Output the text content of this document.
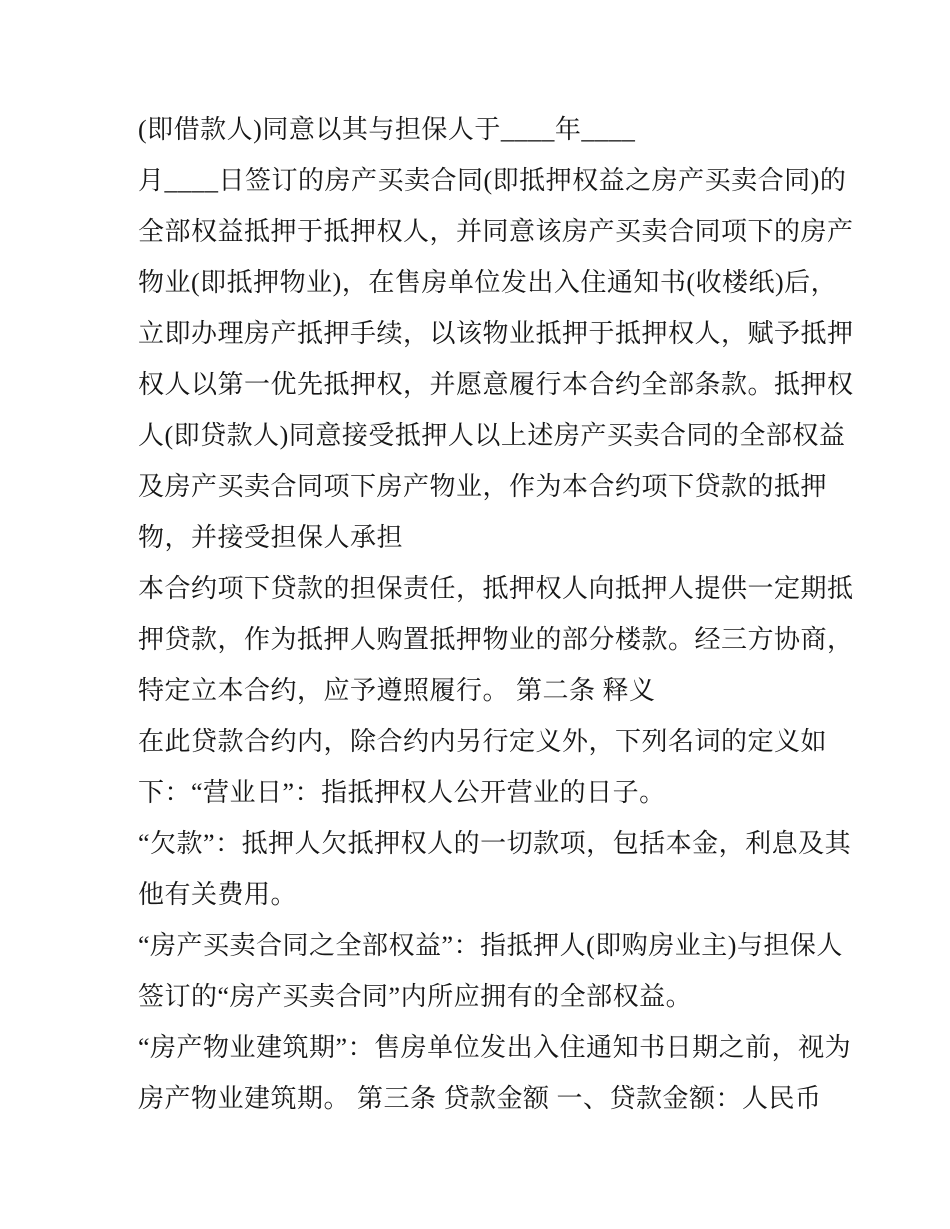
(即借款人)同意以其与担保人于____年____
月____日签订的房产买卖合同(即抵押权益之房产买卖合同)的
全部权益抵押于抵押权人，并同意该房产买卖合同项下的房产
物业(即抵押物业)，在售房单位发出入住通知书(收楼纸)后，
立即办理房产抵押手续，以该物业抵押于抵押权人，赋予抵押
权人以第一优先抵押权，并愿意履行本合约全部条款。抵押权
人(即贷款人)同意接受抵押人以上述房产买卖合同的全部权益
及房产买卖合同项下房产物业，作为本合约项下贷款的抵押
物，并接受担保人承担
本合约项下贷款的担保责任，抵押权人向抵押人提供一定期抵
押贷款，作为抵押人购置抵押物业的部分楼款。经三方协商，
特定立本合约，应予遵照履行。 第二条 释义
在此贷款合约内，除合约内另行定义外，下列名词的定义如
下：“营业日”：指抵押权人公开营业的日子。
“欠款”：抵押人欠抵押权人的一切款项，包括本金，利息及其
他有关费用。
“房产买卖合同之全部权益”：指抵押人(即购房业主)与担保人
签订的“房产买卖合同”内所应拥有的全部权益。
“房产物业建筑期”：售房单位发出入住通知书日期之前，视为
房产物业建筑期。 第三条 贷款金额 一、贷款金额：人民币
